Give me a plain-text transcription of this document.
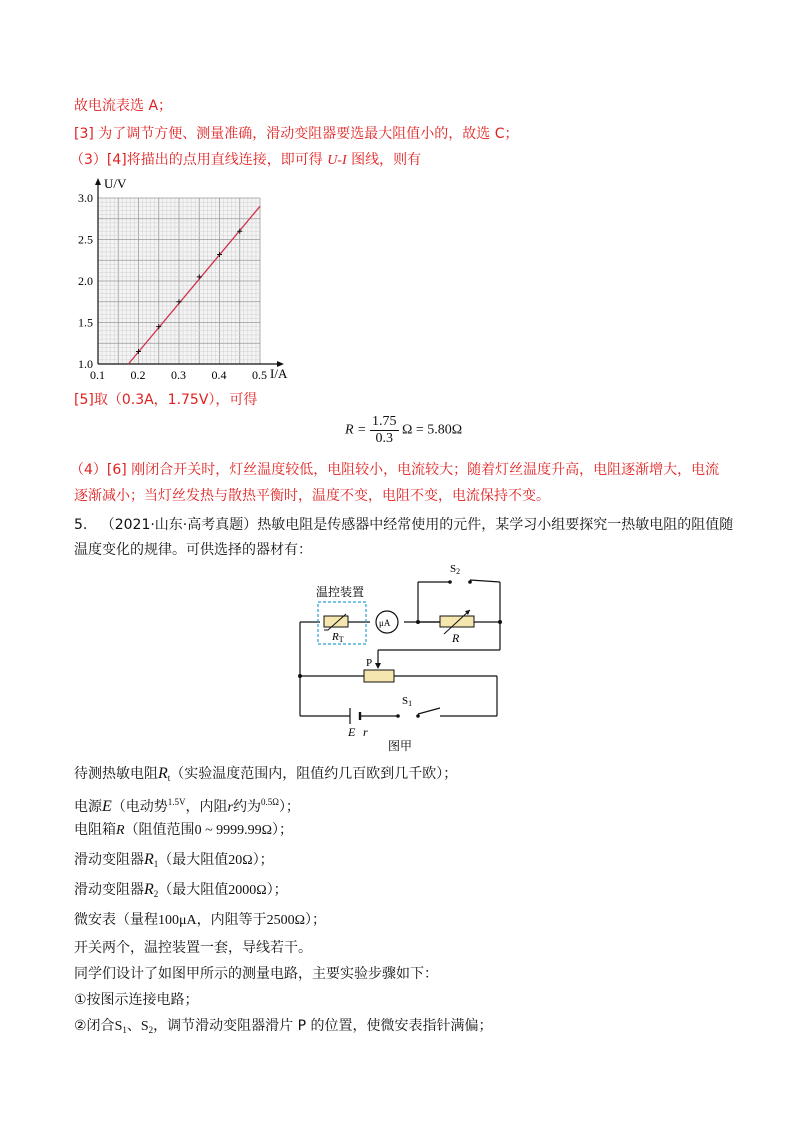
故电流表选 A；
[3] 为了调节方便、测量准确，滑动变阻器要选最大阻值小的，故选 C；
（3）[4]将描出的点用直线连接，即可得 U-I 图线，则有
I/A
U/V
0.1 0.2 0.3 0.4 0.5
1.0
1.5
2.0
2.5
3.0
[5]取（0.3A，1.75V），可得
$R = \frac{1.75}{0.3}$ Ω = 5.80Ω
（4）[6] 刚闭合开关时，灯丝温度较低，电阻较小，电流较大；随着灯丝温度升高，电阻逐渐增大，电流
逐渐减小；当灯丝发热与散热平衡时，温度不变，电阻不变，电流保持不变。
5. （2021·山东·高考真题）热敏电阻是传感器中经常使用的元件，某学习小组要探究一热敏电阻的阻值随
温度变化的规律。可供选择的器材有：
温控装置
RT
μA
S2
R
P
S1
E r
图甲
待测热敏电阻$R_t$（实验温度范围内，阻值约几百欧到几千欧）；
电源E（电动势$^{1.5V}$，内阻r约为$^{0.5\Omega}$）；
电阻箱R（阻值范围0 ~ 9999.99Ω）；
滑动变阻器$R_1$（最大阻值20Ω）；
滑动变阻器$R_2$（最大阻值2000Ω）；
微安表（量程100μA，内阻等于2500Ω）；
开关两个，温控装置一套，导线若干。
同学们设计了如图甲所示的测量电路，主要实验步骤如下：
①按图示连接电路；
②闭合$S_1$、$S_2$，调节滑动变阻器滑片 P 的位置，使微安表指针满偏；
